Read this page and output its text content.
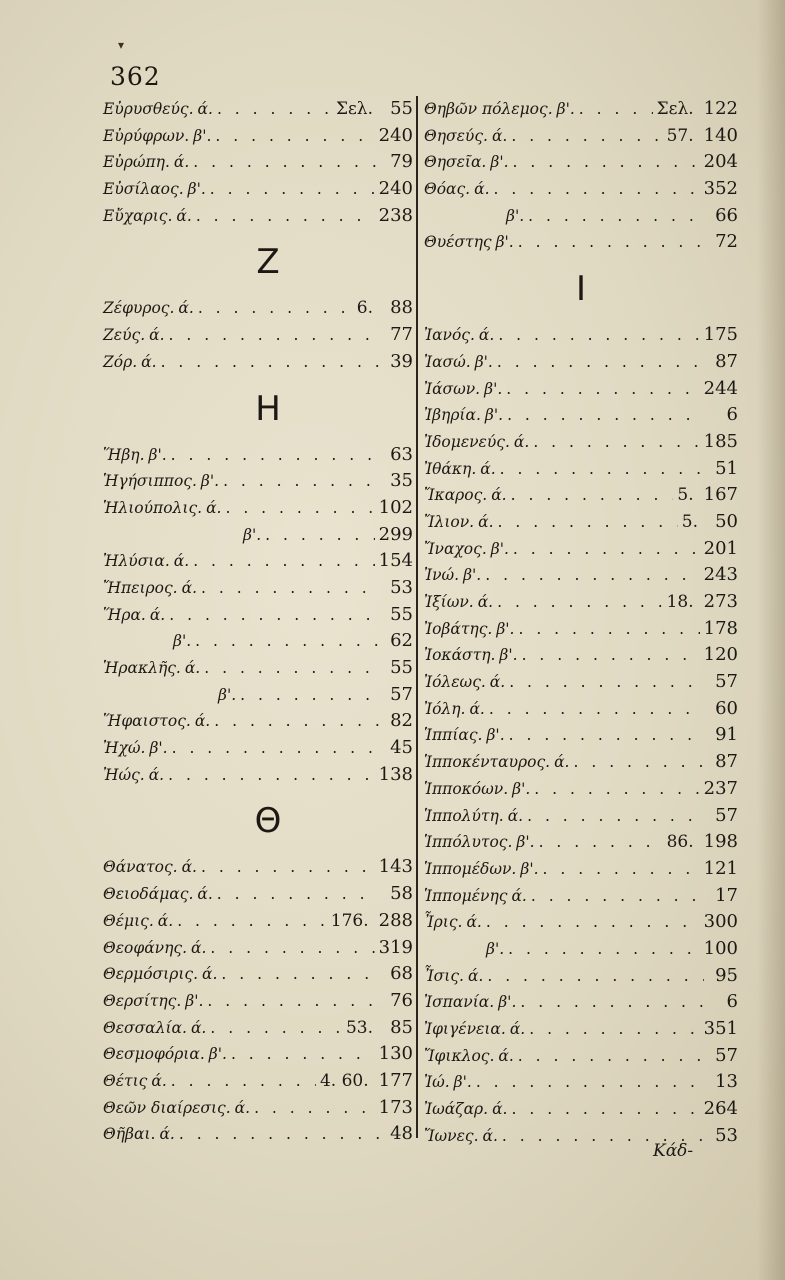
▾
362
Εὐρυσθεύς. ά. . . .	Σελ. 55
Εὐρύφρων. β'. . . .	240
Εὐρώπη. ά. . . .	79
Εὐσίλαος. β'. . . .	240
Εὔχαρις. ά. . . .	238
Ζ
Ζέφυρος. ά. . . .	6. 88
Ζεύς. ά. . . .	77
Ζόρ. ά. . . .	39
Η
Ἥβη. β'. . . .	63
Ἡγήσιππος. β'. . . .	35
Ἡλιούπολις. ά. . . .	102
β'. . . .	299
Ἠλύσια. ά. . . .	154
Ἤπειρος. ά. . . .	53
Ἥρα. ά. . . .	55
β'. . . .	62
Ἡρακλῆς. ά. . . .	55
β'. . . .	57
Ἥφαιστος. ά. . . .	82
Ἠχώ. β'. . . .	45
Ἠώς. ά. . . .	138
Θ
Θάνατος. ά. . . .	143
Θειοδάμας. ά. . . .	58
Θέμις. ά. . . .	176. 288
Θεοφάνης. ά. . . .	319
Θερμόσιρις. ά. . . .	68
Θερσίτης. β'. . . .	76
Θεσσαλία. ά. . . .	53. 85
Θεσμοφόρια. β'. . . .	130
Θέτις ά. . . .	4. 60. 177
Θεῶν διαίρεσις. ά. . . .	173
Θῆβαι. ά. . . .	48
Θηβῶν πόλεμος. β'. . . .	Σελ. 122
Θησεύς. ά. . . .	57. 140
Θησεῖα. β'. . . .	204
Θόας. ά. . . .	352
β'. . . .	66
Θυέστης β'. . . .	72
Ι
Ἰανός. ά. . . .	175
Ἰασώ. β'. . . .	87
Ἰάσων. β'. . . .	244
Ἰβηρία. β'. . . .	6
Ἰδομενεύς. ά. . . .	185
Ἰθάκη. ά. . . .	51
Ἴκαρος. ά. . . .	5. 167
Ἴλιον. ά. . . .	5. 50
Ἴναχος. β'. . . .	201
Ἰνώ. β'. . . .	243
Ἰξίων. ά. . . .	18. 273
Ἰοβάτης. β'. . . .	178
Ἰοκάστη. β'. . . .	120
Ἰόλεως. ά. . . .	57
Ἰόλη. ά. . . .	60
Ἱππίας. β'. . . .	91
Ἱπποκένταυρος. ά. . . .	87
Ἱπποκόων. β'. . . .	237
Ἱππολύτη. ά. . . .	57
Ἱππόλυτος. β'. . . .	86. 198
Ἱππομέδων. β'. . . .	121
Ἱππομένης ά. . . .	17
Ἶρις. ά. . . .	300
β'. . . .	100
Ἶσις. ά. . . .	95
Ἰσπανία. β'. . . .	6
Ἰφιγένεια. ά. . . .	351
Ἴφικλος. ά. . . .	57
Ἰώ. β'. . . .	13
Ἰωάζαρ. ά. . . .	264
Ἴωνες. ά. . . .	53
Κάδ-
